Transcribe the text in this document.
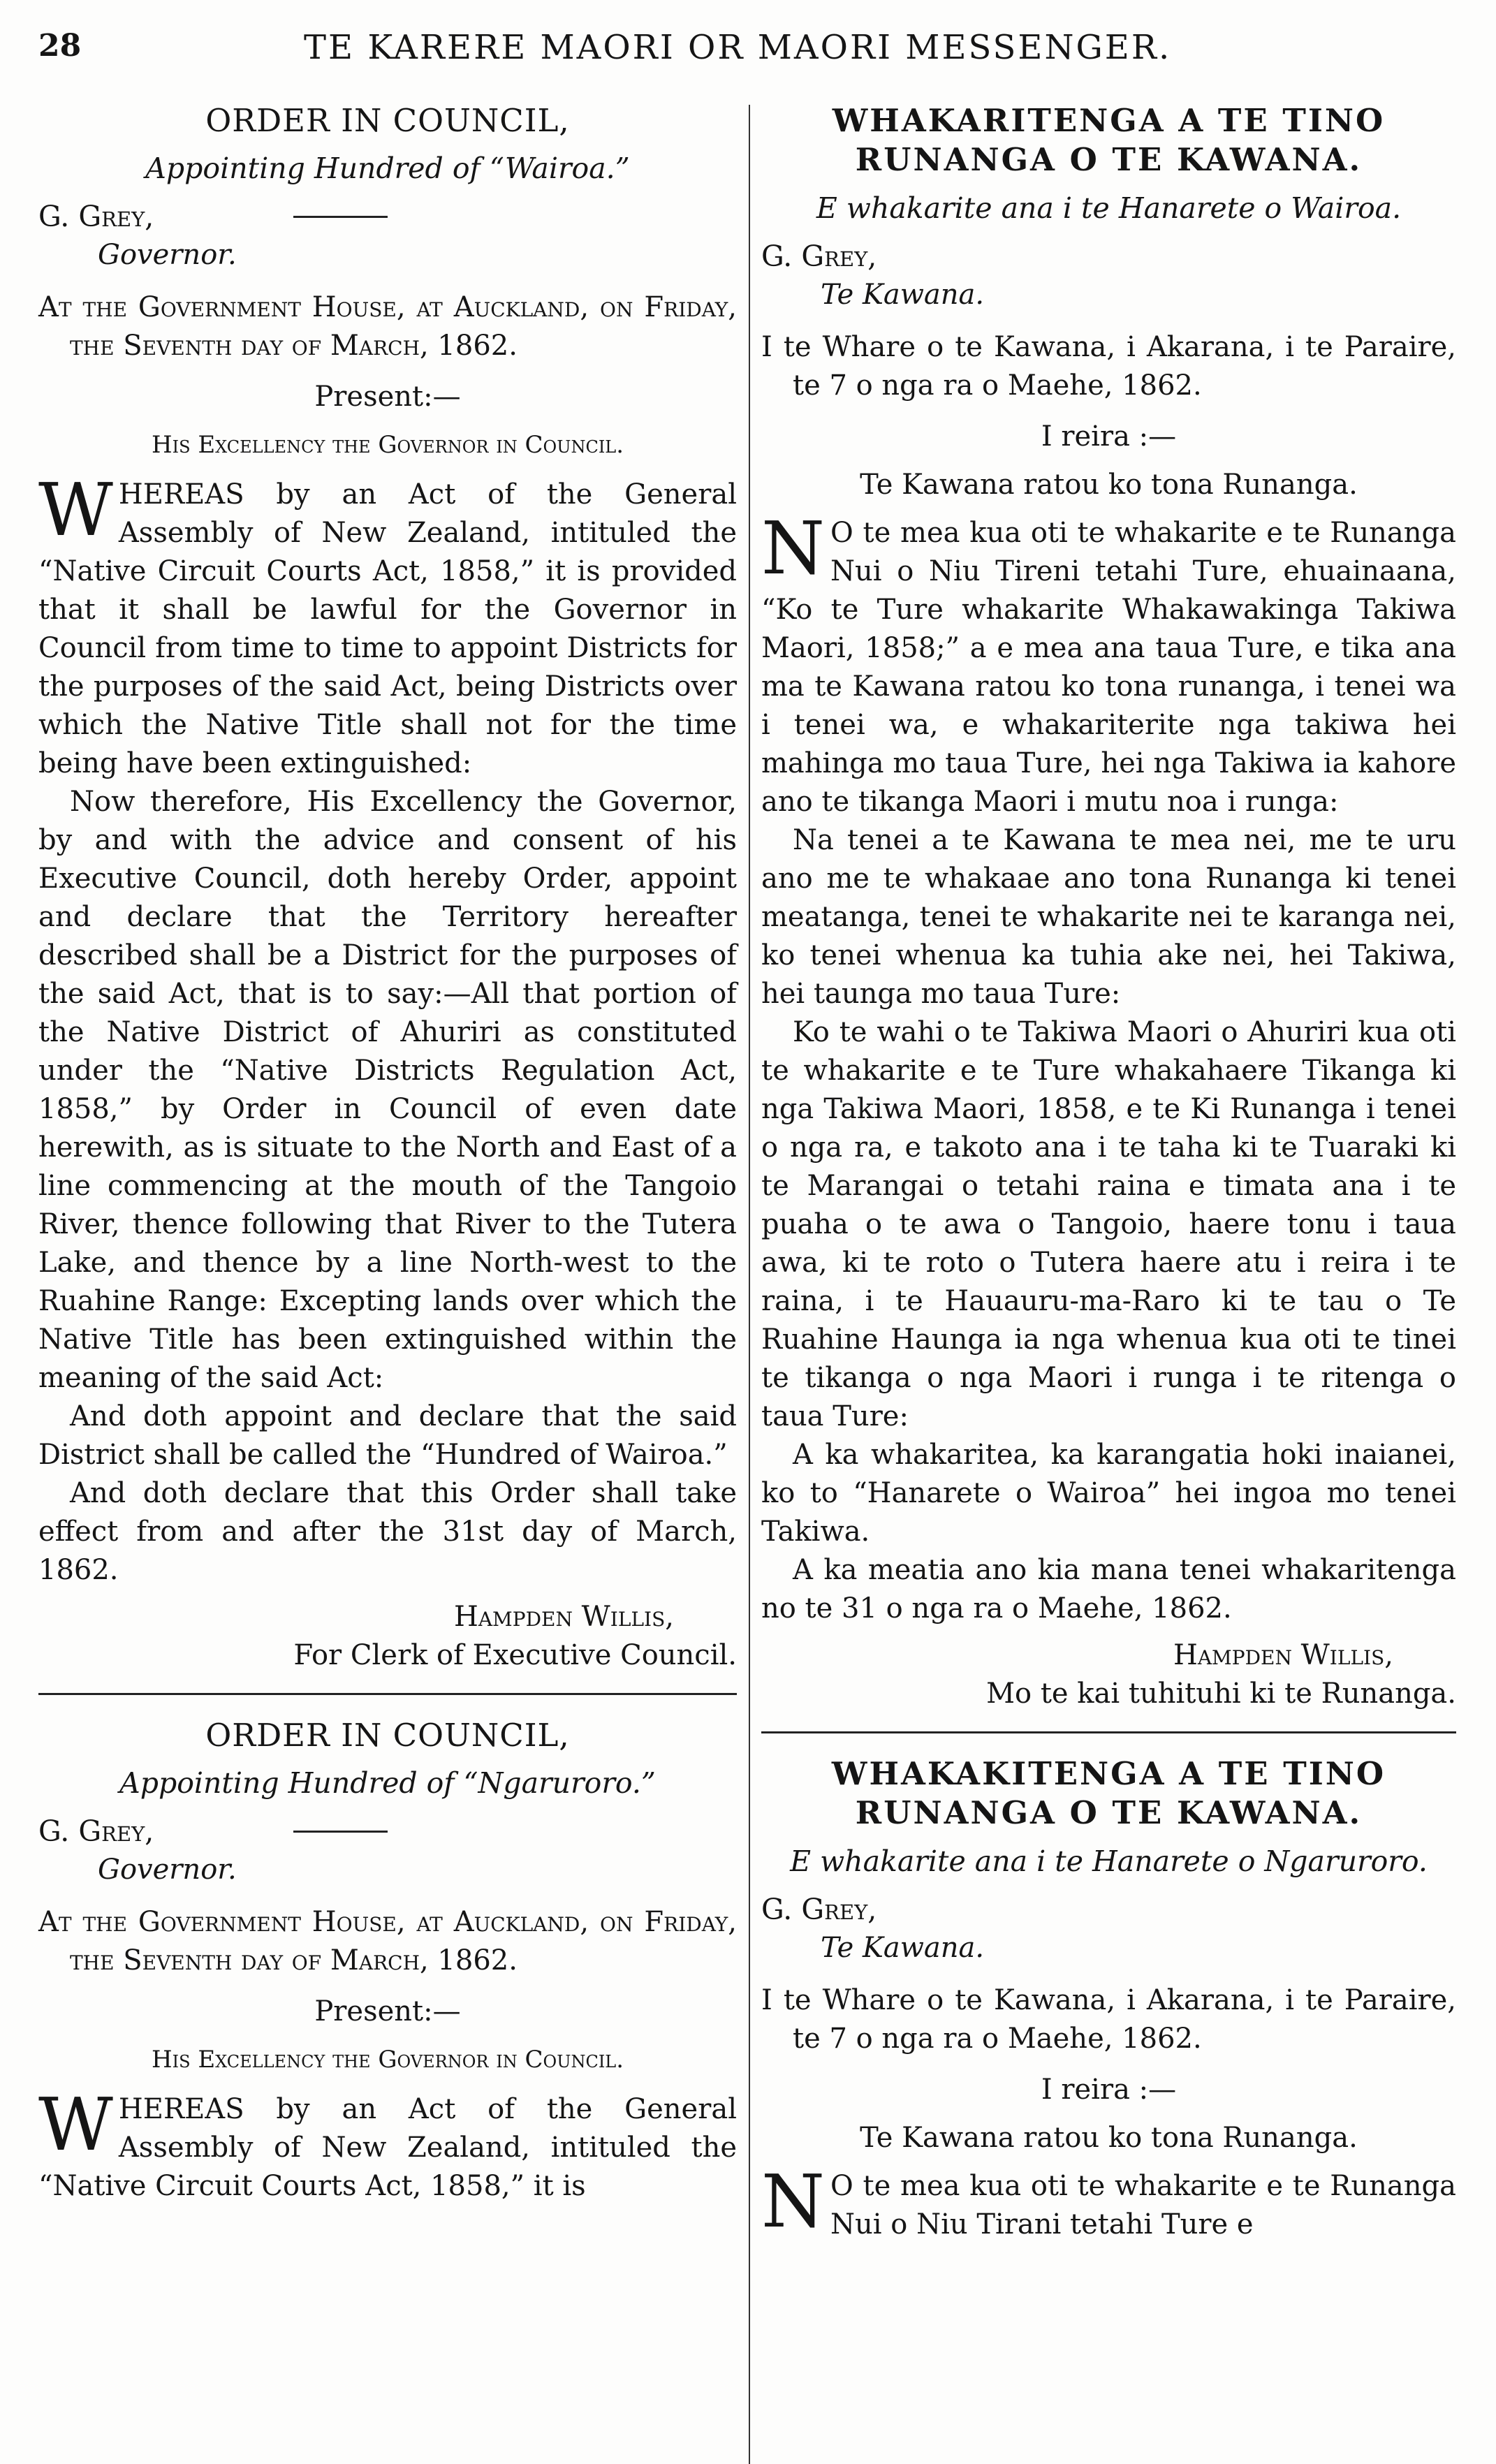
28	TE KARERE MAORI OR MAORI MESSENGER.
ORDER IN COUNCIL,
Appointing Hundred of “Wairoa.”
G. Grey,
Governor.
At the Government House, at Auckland, on Friday, the Seventh day of March, 1862.
Present:—
His Excellency the Governor in Council.

W HEREAS by an Act of the General Assembly of New Zealand, intituled the “Native Circuit Courts Act, 1858,” it is provided that it shall be lawful for the Governor in Council from time to time to appoint Districts for the purposes of the said Act, being Districts over which the Native Title shall not for the time being have been extinguished:

Now therefore, His Excellency the Governor, by and with the advice and consent of his Executive Council, doth hereby Order, appoint and declare that the Territory hereafter described shall be a District for the purposes of the said Act, that is to say:—All that portion of the Native District of Ahuriri as constituted under the “Native Districts Regulation Act, 1858,” by Order in Council of even date herewith, as is situate to the North and East of a line commencing at the mouth of the Tangoio River, thence following that River to the Tutera Lake, and thence by a line North-west to the Ruahine Range: Excepting lands over which the Native Title has been extinguished within the meaning of the said Act:

And doth appoint and declare that the said District shall be called the “Hundred of Wairoa.”

And doth declare that this Order shall take effect from and after the 31st day of March, 1862.

Hampden Willis,
For Clerk of Executive Council.
ORDER IN COUNCIL,
Appointing Hundred of “Ngaruroro.”
G. Grey,
Governor.
At the Government House, at Auckland, on Friday, the Seventh day of March, 1862.
Present:—
His Excellency the Governor in Council.

W HEREAS by an Act of the General Assembly of New Zealand, intituled the “Native Circuit Courts Act, 1858,” it is

WHAKARITENGA A TE TINO RUNANGA O TE KAWANA.
E whakarite ana i te Hanarete o Wairoa.
G. Grey,
Te Kawana.
I te Whare o te Kawana, i Akarana, i te Paraire, te 7 o nga ra o Maehe, 1862.
I reira :—
Te Kawana ratou ko tona Runanga.

N O te mea kua oti te whakarite e te Runanga Nui o Niu Tireni tetahi Ture, ehuainaana, “Ko te Ture whakarite Whakawakinga Takiwa Maori, 1858;” a e mea ana taua Ture, e tika ana ma te Kawana ratou ko tona runanga, i tenei wa i tenei wa, e whakariterite nga takiwa hei mahinga mo taua Ture, hei nga Takiwa ia kahore ano te tikanga Maori i mutu noa i runga:

Na tenei a te Kawana te mea nei, me te uru ano me te whakaae ano tona Runanga ki tenei meatanga, tenei te whakarite nei te karanga nei, ko tenei whenua ka tuhia ake nei, hei Takiwa, hei taunga mo taua Ture:

Ko te wahi o te Takiwa Maori o Ahuriri kua oti te whakarite e te Ture whakahaere Tikanga ki nga Takiwa Maori, 1858, e te Ki Runanga i tenei o nga ra, e takoto ana i te taha ki te Tuaraki ki te Marangai o tetahi raina e timata ana i te puaha o te awa o Tangoio, haere tonu i taua awa, ki te roto o Tutera haere atu i reira i te raina, i te Hauauru-ma-Raro ki te tau o Te Ruahine Haunga ia nga whenua kua oti te tinei te tikanga o nga Maori i runga i te ritenga o taua Ture:

A ka whakaritea, ka karangatia hoki inaianei, ko to “Hanarete o Wairoa” hei ingoa mo tenei Takiwa.

A ka meatia ano kia mana tenei whakaritenga no te 31 o nga ra o Maehe, 1862.

Hampden Willis,
Mo te kai tuhituhi ki te Runanga.
WHAKAKITENGA A TE TINO RUNANGA O TE KAWANA.
E whakarite ana i te Hanarete o Ngaruroro.
G. Grey,
Te Kawana.
I te Whare o te Kawana, i Akarana, i te Paraire, te 7 o nga ra o Maehe, 1862.
I reira :—
Te Kawana ratou ko tona Runanga.

N O te mea kua oti te whakarite e te Runanga Nui o Niu Tirani tetahi Ture e
